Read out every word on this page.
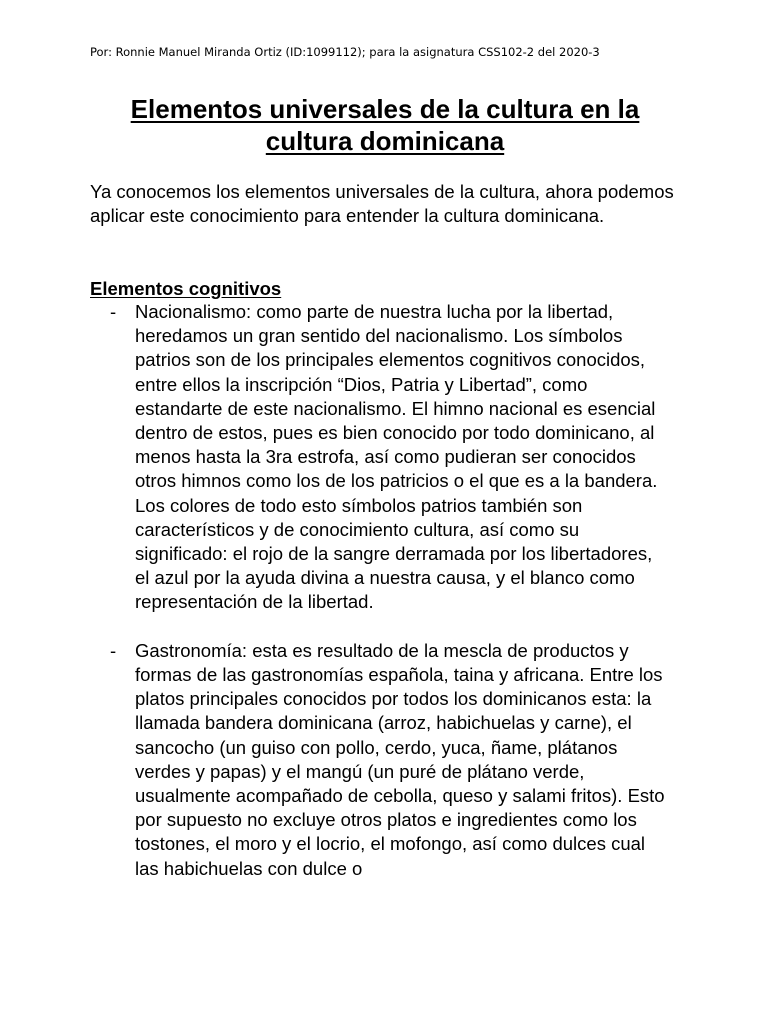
Por: Ronnie Manuel Miranda Ortiz (ID:1099112); para la asignatura CSS102-2 del 2020-3
Elementos universales de la cultura en la cultura dominicana

Ya conocemos los elementos universales de la cultura, ahora podemos aplicar este conocimiento para entender la cultura dominicana.

Elementos cognitivos
- Nacionalismo: como parte de nuestra lucha por la libertad, heredamos un gran sentido del nacionalismo. Los símbolos patrios son de los principales elementos cognitivos conocidos, entre ellos la inscripción “Dios, Patria y Libertad”, como estandarte de este nacionalismo. El himno nacional es esencial dentro de estos, pues es bien conocido por todo dominicano, al menos hasta la 3ra estrofa, así como pudieran ser conocidos otros himnos como los de los patricios o el que es a la bandera. Los colores de todo esto símbolos patrios también son característicos y de conocimiento cultura, así como su significado: el rojo de la sangre derramada por los libertadores, el azul por la ayuda divina a nuestra causa, y el blanco como representación de la libertad.
- Gastronomía: esta es resultado de la mescla de productos y formas de las gastronomías española, taina y africana. Entre los platos principales conocidos por todos los dominicanos esta: la llamada bandera dominicana (arroz, habichuelas y carne), el sancocho (un guiso con pollo, cerdo, yuca, ñame, plátanos verdes y papas) y el mangú (un puré de plátano verde, usualmente acompañado de cebolla, queso y salami fritos). Esto por supuesto no excluye otros platos e ingredientes como los tostones, el moro y el locrio, el mofongo, así como dulces cual las habichuelas con dulce o
